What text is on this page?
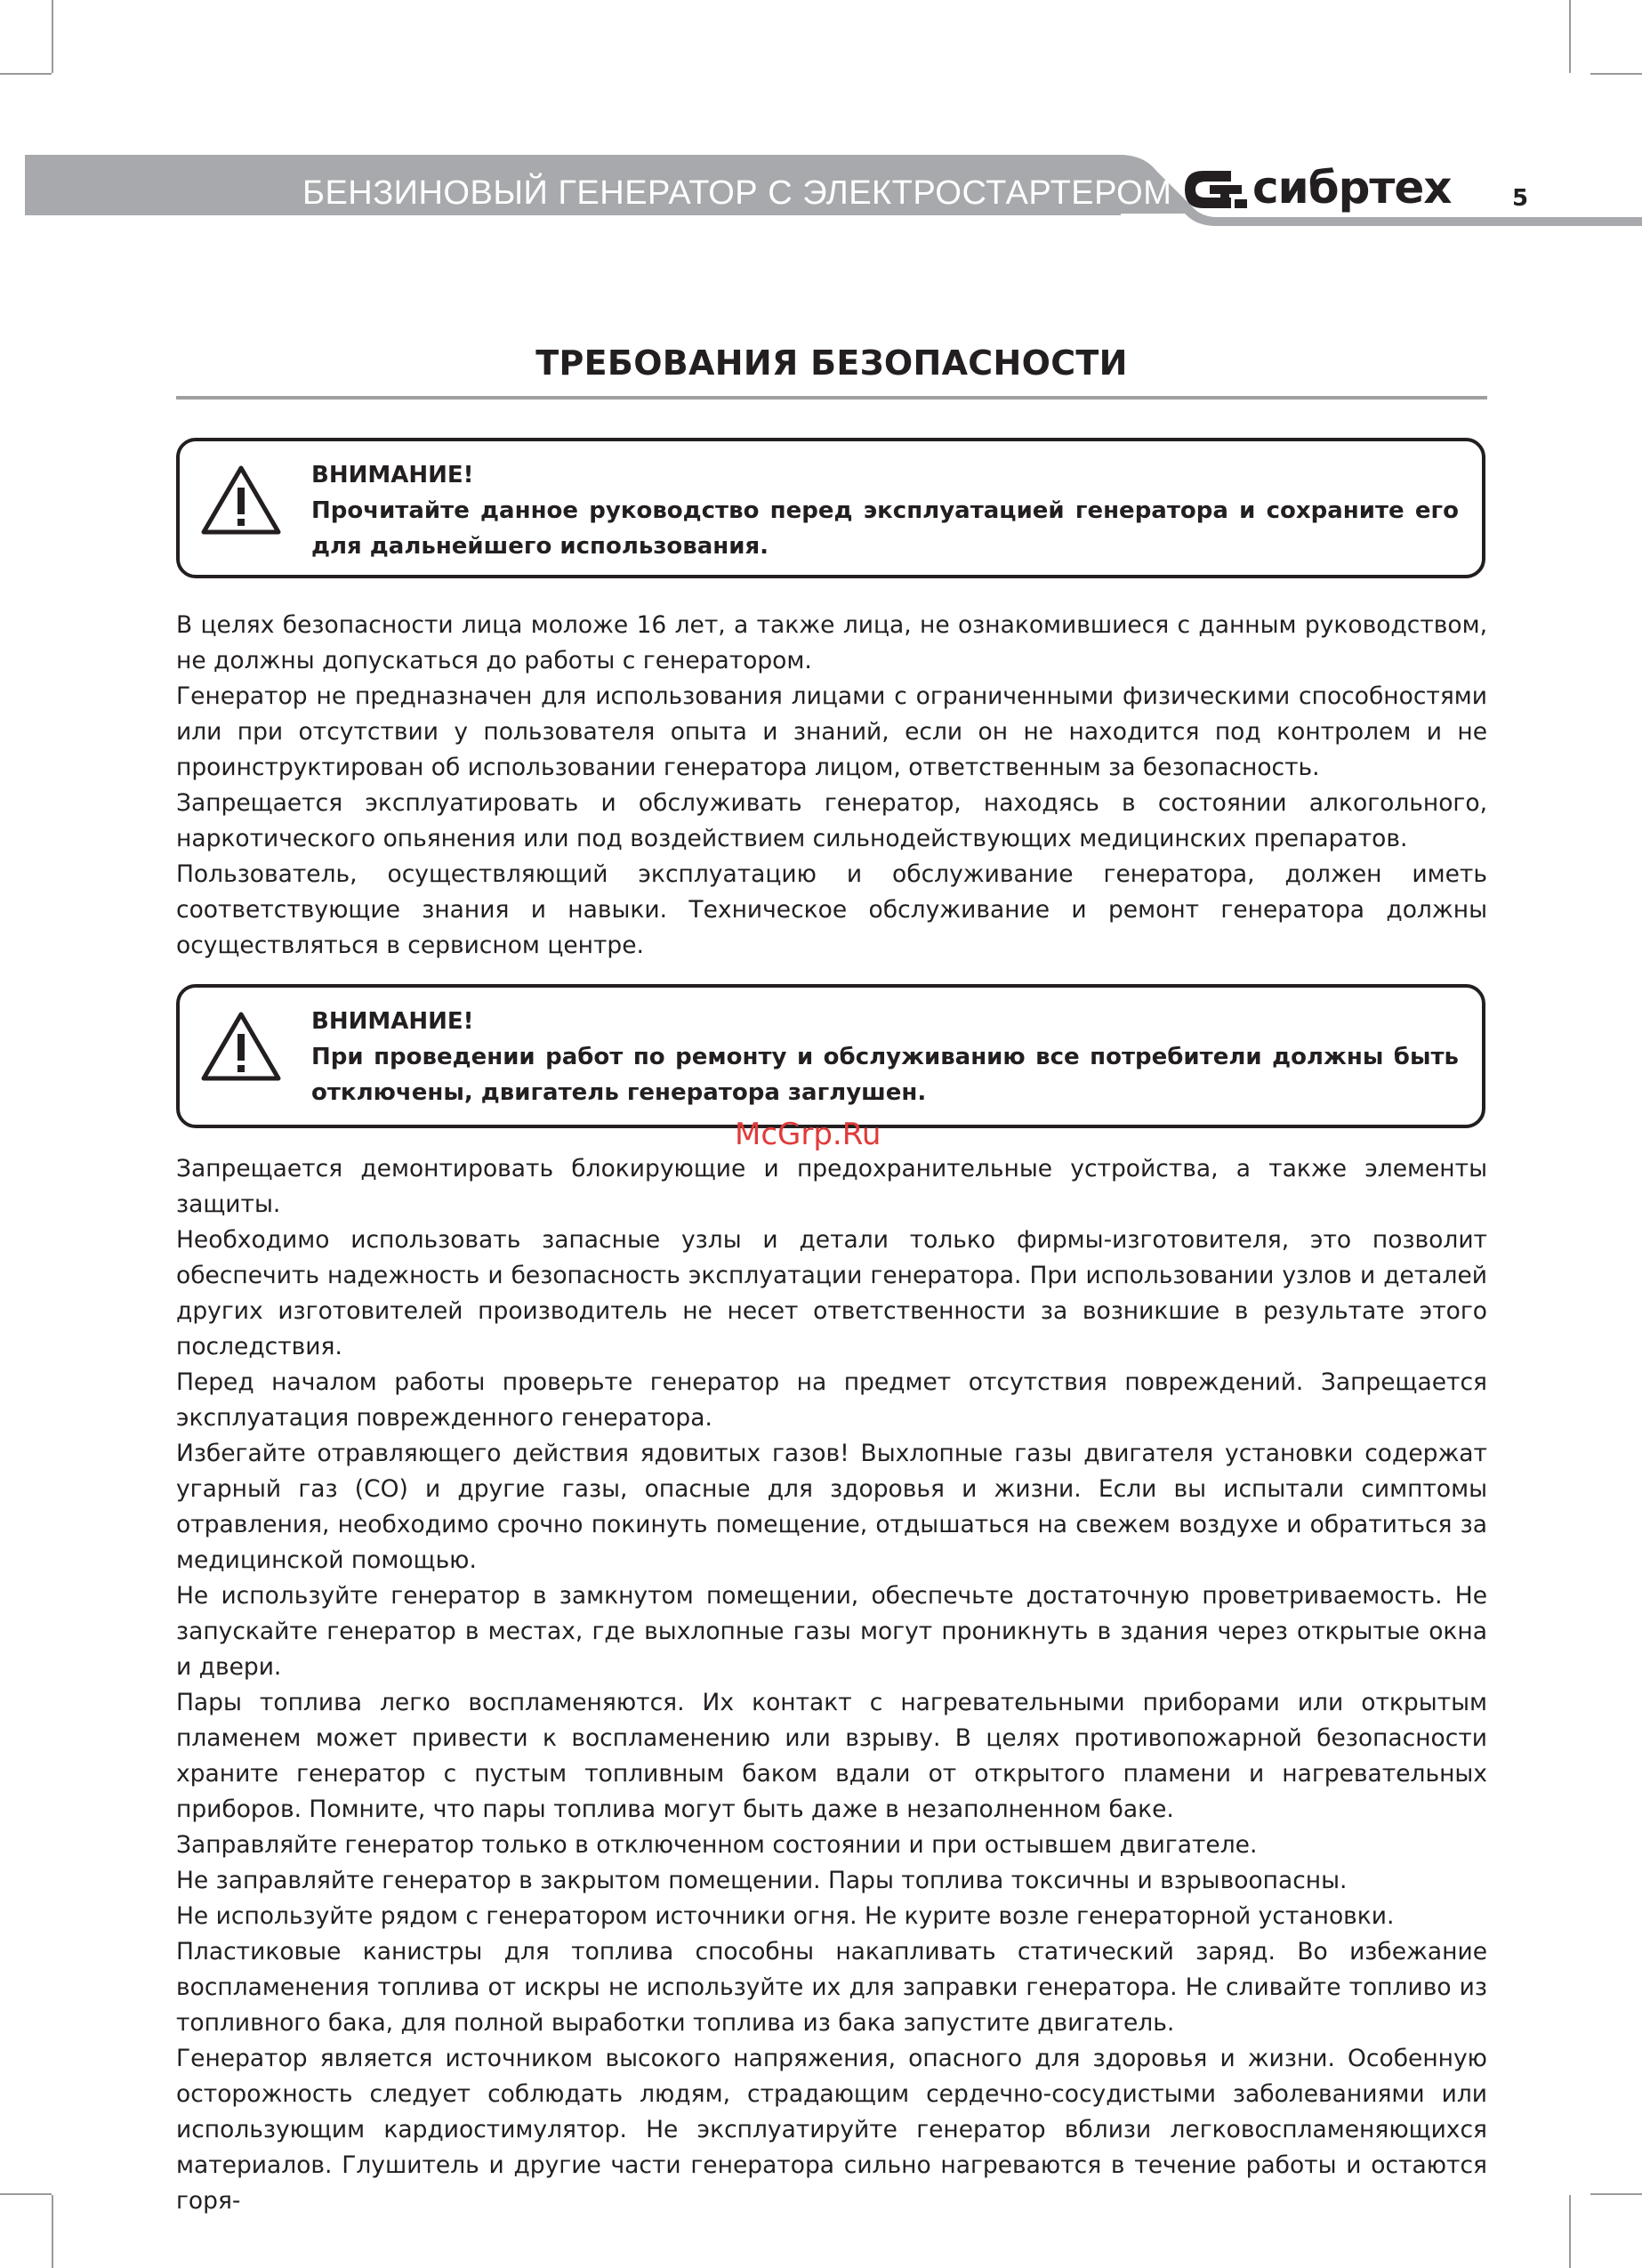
БЕНЗИНОВЫЙ ГЕНЕРАТОР С ЭЛЕКТРОСТАРТЕРОМ сибртех	5
ТРЕБОВАНИЯ БЕЗОПАСНОСТИ
ВНИМАНИЕ!
Прочитайте данное руководство перед эксплуатацией генератора и сохраните его для дальнейшего использования.

В целях безопасности лица моложе 16 лет, а также лица, не ознакомившиеся с данным руководством, не должны допускаться до работы с генератором.

Генератор не предназначен для использования лицами с ограниченными физическими способностями или при отсутствии у пользователя опыта и знаний, если он не находится под контролем и не проинструктирован об использовании генератора лицом, ответственным за безопасность.

Запрещается эксплуатировать и обслуживать генератор, находясь в состоянии алкогольного, наркотического опьянения или под воздействием сильнодействующих медицинских препаратов.

Пользователь, осуществляющий эксплуатацию и обслуживание генератора, должен иметь соответствующие знания и навыки. Техническое обслуживание и ремонт генератора должны осуществляться в сервисном центре.

ВНИМАНИЕ!
При проведении работ по ремонту и обслуживанию все потребители должны быть отключены, двигатель генератора заглушен.
McGrp.Ru

Запрещается демонтировать блокирующие и предохранительные устройства, а также элементы защиты.

Необходимо использовать запасные узлы и детали только фирмы-изготовителя, это позволит обеспечить надежность и безопасность эксплуатации генератора. При использовании узлов и деталей других изготовителей производитель не несет ответственности за возникшие в результате этого последствия.

Перед началом работы проверьте генератор на предмет отсутствия повреждений. Запрещается эксплуатация поврежденного генератора.

Избегайте отравляющего действия ядовитых газов! Выхлопные газы двигателя установки содержат угарный газ (СО) и другие газы, опасные для здоровья и жизни. Если вы испытали симптомы отравления, необходимо срочно покинуть помещение, отдышаться на свежем воздухе и обратиться за медицинской помощью.

Не используйте генератор в замкнутом помещении, обеспечьте достаточную проветриваемость. Не запускайте генератор в местах, где выхлопные газы могут проникнуть в здания через открытые окна и двери.

Пары топлива легко воспламеняются. Их контакт с нагревательными приборами или открытым пламенем может привести к воспламенению или взрыву. В целях противопожарной безопасности храните генератор с пустым топливным баком вдали от открытого пламени и нагревательных приборов. Помните, что пары топлива могут быть даже в незаполненном баке.

Заправляйте генератор только в отключенном состоянии и при остывшем двигателе.

Не заправляйте генератор в закрытом помещении. Пары топлива токсичны и взрывоопасны.

Не используйте рядом с генератором источники огня. Не курите возле генераторной установки.

Пластиковые канистры для топлива способны накапливать статический заряд. Во избежание воспламенения топлива от искры не используйте их для заправки генератора. Не сливайте топливо из топливного бака, для полной выработки топлива из бака запустите двигатель.

Генератор является источником высокого напряжения, опасного для здоровья и жизни. Особенную осторожность следует соблюдать людям, страдающим сердечно-сосудистыми заболеваниями или использующим кардиостимулятор. Не эксплуатируйте генератор вблизи легковоспламеняющихся материалов. Глушитель и другие части генератора сильно нагреваются в течение работы и остаются горя-
